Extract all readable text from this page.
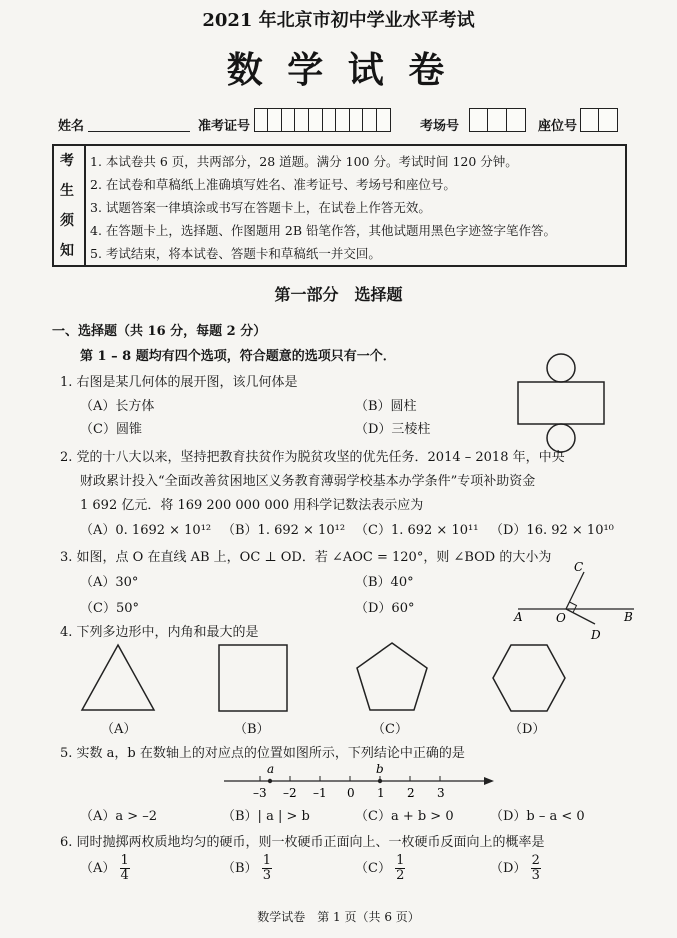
2021 年北京市初中学业水平考试
数 学 试 卷
姓名	准考证号	考场号	座位号
考
生
须
知
1. 本试卷共 6 页，共两部分，28 道题。满分 100 分。考试时间 120 分钟。
2. 在试卷和草稿纸上准确填写姓名、准考证号、考场号和座位号。
3. 试题答案一律填涂或书写在答题卡上，在试卷上作答无效。
4. 在答题卡上，选择题、作图题用 2B 铅笔作答，其他试题用黑色字迹签字笔作答。
5. 考试结束，将本试卷、答题卡和草稿纸一并交回。
第一部分　选择题
一、选择题（共 16 分，每题 2 分）
第 1 – 8 题均有四个选项，符合题意的选项只有一个．
1. 右图是某几何体的展开图，该几何体是
（A）长方体	（B）圆柱
（C）圆锥	（D）三棱柱
2. 党的十八大以来，坚持把教育扶贫作为脱贫攻坚的优先任务．2014 – 2018 年，中央
财政累计投入“全面改善贫困地区义务教育薄弱学校基本办学条件”专项补助资金
1 692 亿元．将 169 200 000 000 用科学记数法表示应为
（A）0. 1692 × 10¹² （B）1. 692 × 10¹² （C）1. 692 × 10¹¹ （D）16. 92 × 10¹⁰
3. 如图，点 O 在直线 AB 上，OC ⊥ OD．若 ∠AOC = 120°，则 ∠BOD 的大小为
（A）30°	（B）40°
（C）50°	（D）60°
C
A	O	B
D
4. 下列多边形中，内角和最大的是
（A）	（B）	（C）	（D）
5. 实数 a，b 在数轴上的对应点的位置如图所示，下列结论中正确的是
a	b
–3 –2 –1 0 1 2 3
（A）a > –2	（B）| a | > b	（C）a + b > 0	（D）b – a < 0
6. 同时抛掷两枚质地均匀的硬币，则一枚硬币正面向上、一枚硬币反面向上的概率是
$(A) \frac{1}{4}$	$(B) \frac{1}{3}$	$(C) \frac{1}{2}$	$(D) \frac{2}{3}$
数学试卷　第 1 页（共 6 页）
